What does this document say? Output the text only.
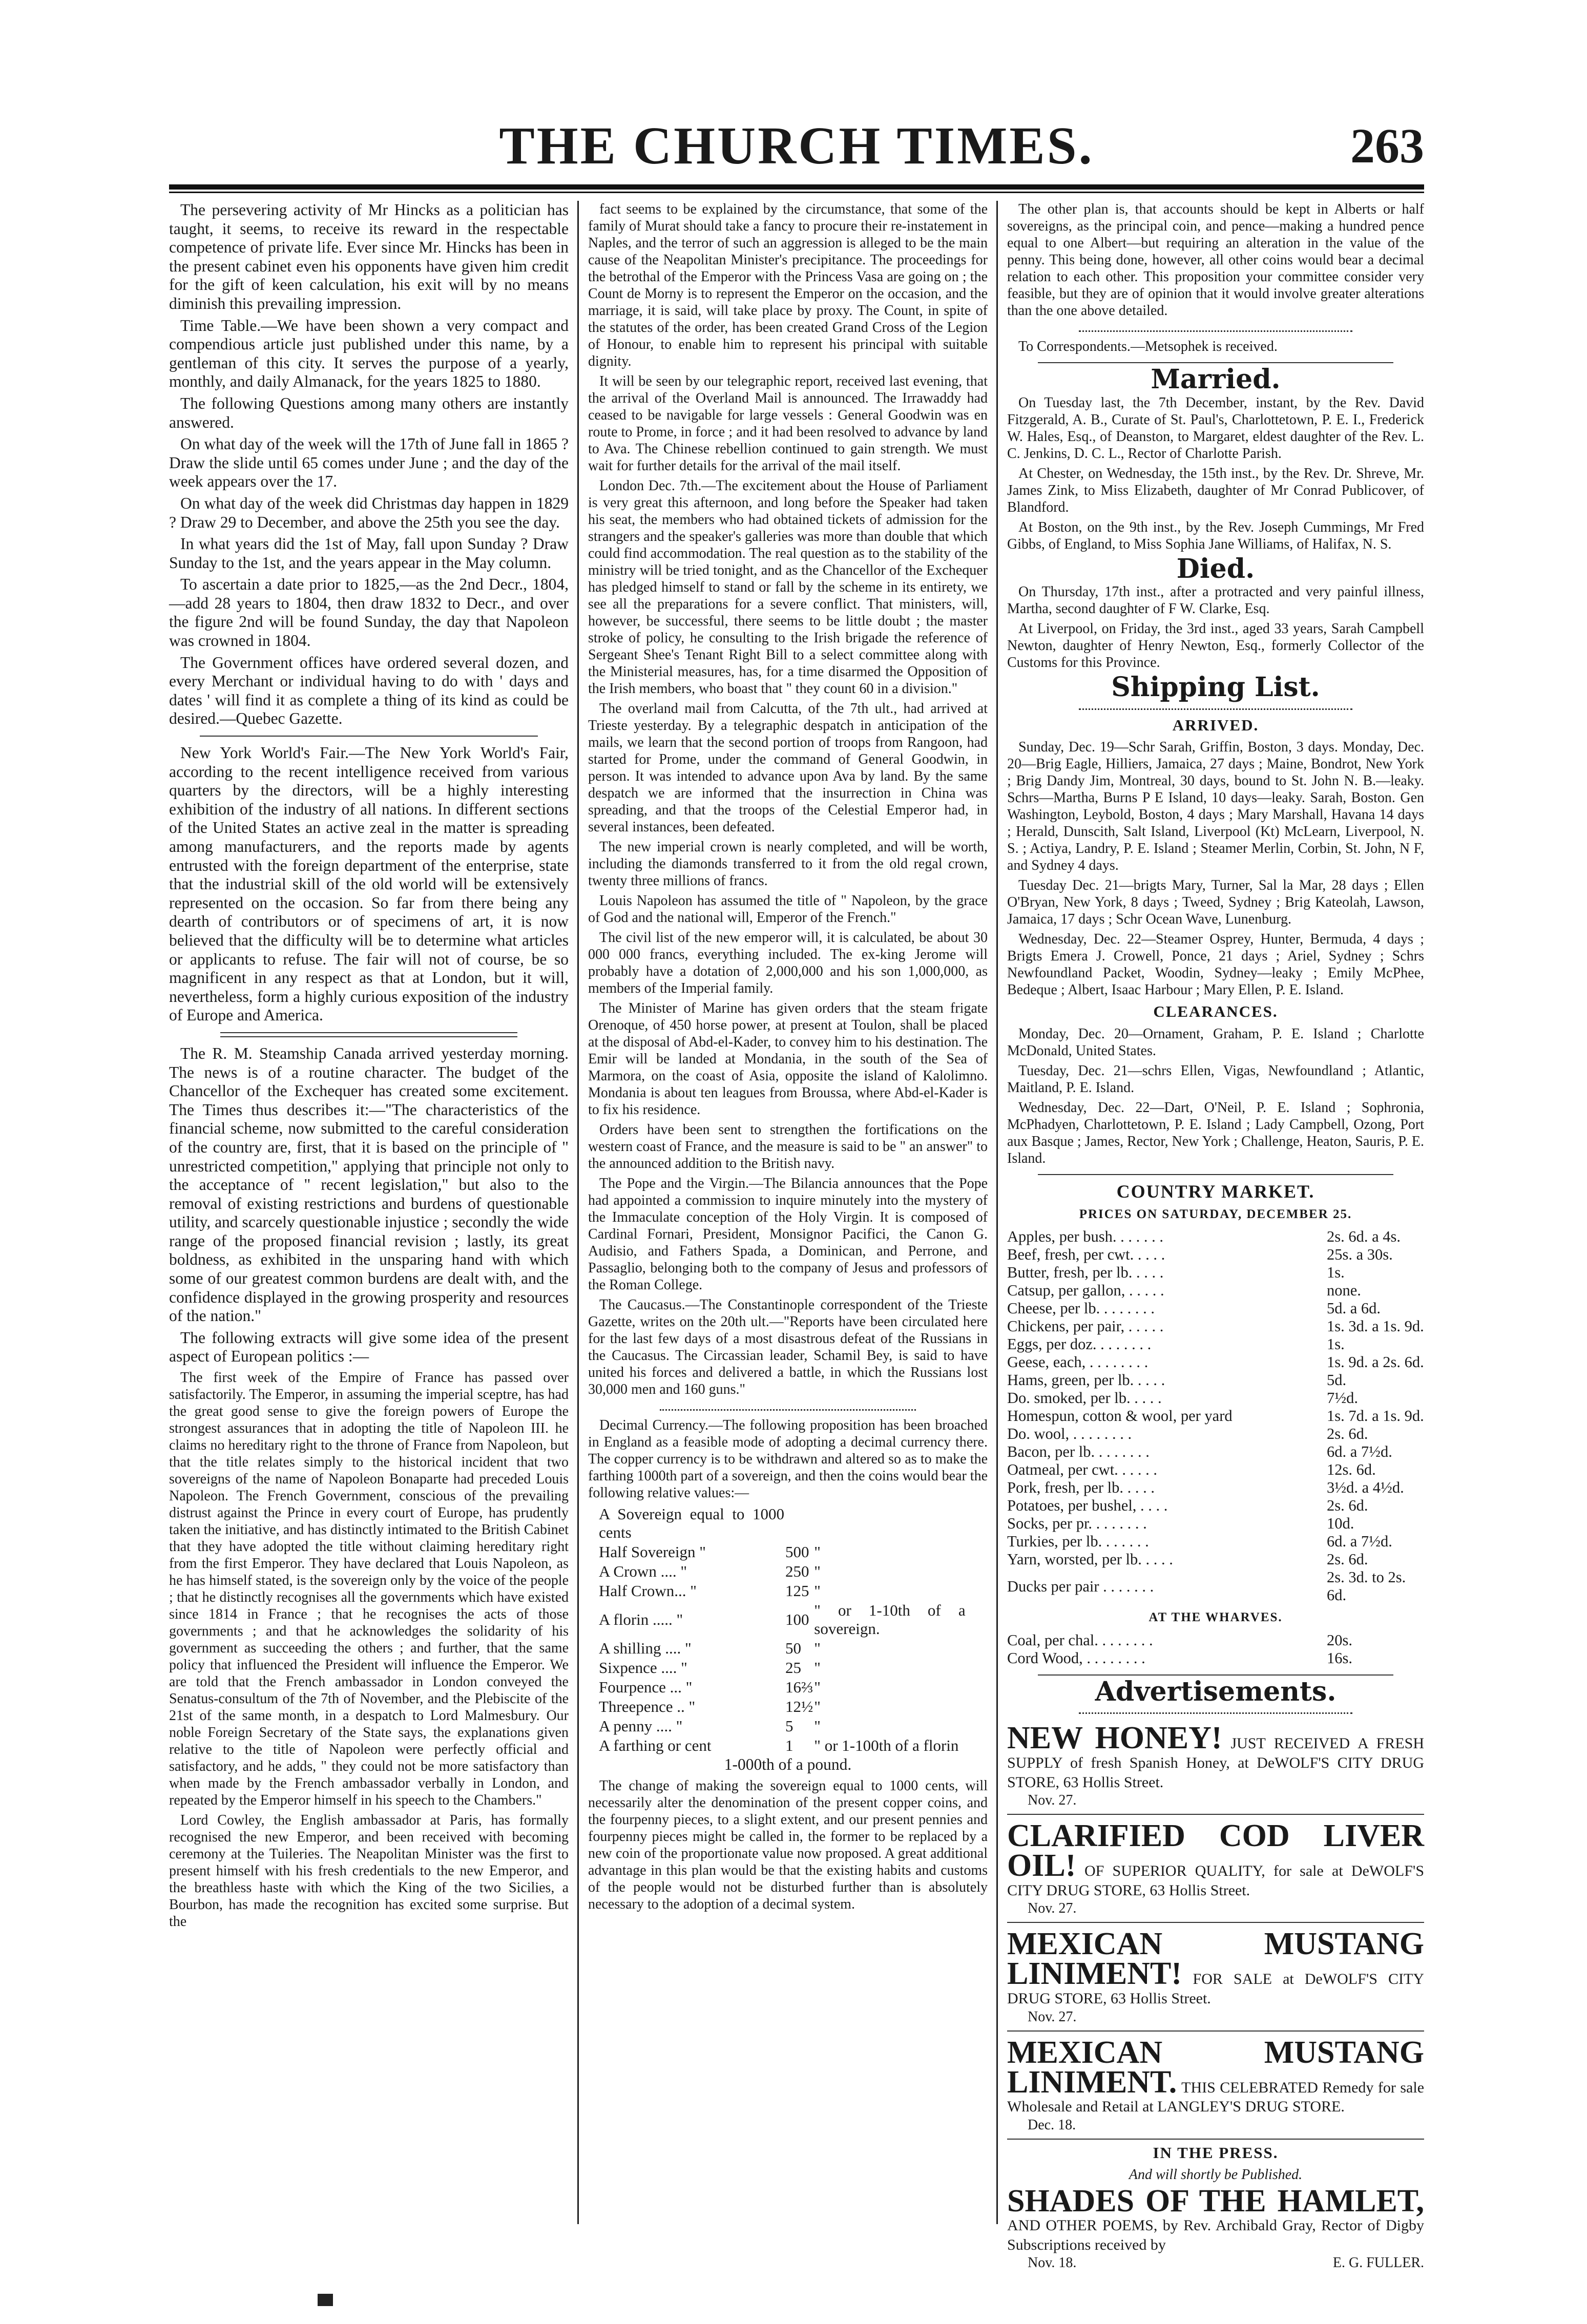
THE CHURCH TIMES.	263

The persevering activity of Mr Hincks as a politician has taught, it seems, to receive its reward in the respectable competence of private life. Ever since Mr. Hincks has been in the present cabinet even his opponents have given him credit for the gift of keen calculation, his exit will by no means diminish this prevailing impression.

Time Table.—We have been shown a very compact and compendious article just published under this name, by a gentleman of this city. It serves the purpose of a yearly, monthly, and daily Almanack, for the years 1825 to 1880.

The following Questions among many others are instantly answered.

On what day of the week will the 17th of June fall in 1865 ? Draw the slide until 65 comes under June ; and the day of the week appears over the 17.

On what day of the week did Christmas day happen in 1829 ? Draw 29 to December, and above the 25th you see the day.

In what years did the 1st of May, fall upon Sunday ? Draw Sunday to the 1st, and the years appear in the May column.

To ascertain a date prior to 1825,—as the 2nd Decr., 1804,—add 28 years to 1804, then draw 1832 to Decr., and over the figure 2nd will be found Sunday, the day that Napoleon was crowned in 1804.

The Government offices have ordered several dozen, and every Merchant or individual having to do with ' days and dates ' will find it as complete a thing of its kind as could be desired.—Quebec Gazette.

New York World's Fair.—The New York World's Fair, according to the recent intelligence received from various quarters by the directors, will be a highly interesting exhibition of the industry of all nations. In different sections of the United States an active zeal in the matter is spreading among manufacturers, and the reports made by agents entrusted with the foreign department of the enterprise, state that the industrial skill of the old world will be extensively represented on the occasion. So far from there being any dearth of contributors or of specimens of art, it is now believed that the difficulty will be to determine what articles or applicants to refuse. The fair will not of course, be so magnificent in any respect as that at London, but it will, nevertheless, form a highly curious exposition of the industry of Europe and America.

The R. M. Steamship Canada arrived yesterday morning. The news is of a routine character. The budget of the Chancellor of the Exchequer has created some excitement. The Times thus describes it:—"The characteristics of the financial scheme, now submitted to the careful consideration of the country are, first, that it is based on the principle of " unrestricted competition," applying that principle not only to the acceptance of " recent legislation," but also to the removal of existing restrictions and burdens of questionable utility, and scarcely questionable injustice ; secondly the wide range of the proposed financial revision ; lastly, its great boldness, as exhibited in the unsparing hand with which some of our greatest common burdens are dealt with, and the confidence displayed in the growing prosperity and resources of the nation."

The following extracts will give some idea of the present aspect of European politics :—

The first week of the Empire of France has passed over satisfactorily. The Emperor, in assuming the imperial sceptre, has had the great good sense to give the foreign powers of Europe the strongest assurances that in adopting the title of Napoleon III. he claims no hereditary right to the throne of France from Napoleon, but that the title relates simply to the historical incident that two sovereigns of the name of Napoleon Bonaparte had preceded Louis Napoleon. The French Government, conscious of the prevailing distrust against the Prince in every court of Europe, has prudently taken the initiative, and has distinctly intimated to the British Cabinet that they have adopted the title without claiming hereditary right from the first Emperor. They have declared that Louis Napoleon, as he has himself stated, is the sovereign only by the voice of the people ; that he distinctly recognises all the governments which have existed since 1814 in France ; that he recognises the acts of those governments ; and that he acknowledges the solidarity of his government as succeeding the others ; and further, that the same policy that influenced the President will influence the Emperor. We are told that the French ambassador in London conveyed the Senatus-consultum of the 7th of November, and the Plebiscite of the 21st of the same month, in a despatch to Lord Malmesbury. Our noble Foreign Secretary of the State says, the explanations given relative to the title of Napoleon were perfectly official and satisfactory, and he adds, " they could not be more satisfactory than when made by the French ambassador verbally in London, and repeated by the Emperor himself in his speech to the Chambers."

Lord Cowley, the English ambassador at Paris, has formally recognised the new Emperor, and been received with becoming ceremony at the Tuileries. The Neapolitan Minister was the first to present himself with his fresh credentials to the new Emperor, and the breathless haste with which the King of the two Sicilies, a Bourbon, has made the recognition has excited some surprise. But the

fact seems to be explained by the circumstance, that some of the family of Murat should take a fancy to procure their re-instatement in Naples, and the terror of such an aggression is alleged to be the main cause of the Neapolitan Minister's precipitance. The proceedings for the betrothal of the Emperor with the Princess Vasa are going on ; the Count de Morny is to represent the Emperor on the occasion, and the marriage, it is said, will take place by proxy. The Count, in spite of the statutes of the order, has been created Grand Cross of the Legion of Honour, to enable him to represent his principal with suitable dignity.

It will be seen by our telegraphic report, received last evening, that the arrival of the Overland Mail is announced. The Irrawaddy had ceased to be navigable for large vessels : General Goodwin was en route to Prome, in force ; and it had been resolved to advance by land to Ava. The Chinese rebellion continued to gain strength. We must wait for further details for the arrival of the mail itself.

London Dec. 7th.—The excitement about the House of Parliament is very great this afternoon, and long before the Speaker had taken his seat, the members who had obtained tickets of admission for the strangers and the speaker's galleries was more than double that which could find accommodation. The real question as to the stability of the ministry will be tried tonight, and as the Chancellor of the Exchequer has pledged himself to stand or fall by the scheme in its entirety, we see all the preparations for a severe conflict. That ministers, will, however, be successful, there seems to be little doubt ; the master stroke of policy, he consulting to the Irish brigade the reference of Sergeant Shee's Tenant Right Bill to a select committee along with the Ministerial measures, has, for a time disarmed the Opposition of the Irish members, who boast that " they count 60 in a division."

The overland mail from Calcutta, of the 7th ult., had arrived at Trieste yesterday. By a telegraphic despatch in anticipation of the mails, we learn that the second portion of troops from Rangoon, had started for Prome, under the command of General Goodwin, in person. It was intended to advance upon Ava by land. By the same despatch we are informed that the insurrection in China was spreading, and that the troops of the Celestial Emperor had, in several instances, been defeated.

The new imperial crown is nearly completed, and will be worth, including the diamonds transferred to it from the old regal crown, twenty three millions of francs.

Louis Napoleon has assumed the title of " Napoleon, by the grace of God and the national will, Emperor of the French."

The civil list of the new emperor will, it is calculated, be about 30 000 000 francs, everything included. The ex-king Jerome will probably have a dotation of 2,000,000 and his son 1,000,000, as members of the Imperial family.

The Minister of Marine has given orders that the steam frigate Orenoque, of 450 horse power, at present at Toulon, shall be placed at the disposal of Abd-el-Kader, to convey him to his destination. The Emir will be landed at Mondania, in the south of the Sea of Marmora, on the coast of Asia, opposite the island of Kalolimno. Mondania is about ten leagues from Broussa, where Abd-el-Kader is to fix his residence.

Orders have been sent to strengthen the fortifications on the western coast of France, and the measure is said to be " an answer" to the announced addition to the British navy.

The Pope and the Virgin.—The Bilancia announces that the Pope had appointed a commission to inquire minutely into the mystery of the Immaculate conception of the Holy Virgin. It is composed of Cardinal Fornari, President, Monsignor Pacifici, the Canon G. Audisio, and Fathers Spada, a Dominican, and Perrone, and Passaglio, belonging both to the company of Jesus and professors of the Roman College.

The Caucasus.—The Constantinople correspondent of the Trieste Gazette, writes on the 20th ult.—"Reports have been circulated here for the last few days of a most disastrous defeat of the Russians in the Caucasus. The Circassian leader, Schamil Bey, is said to have united his forces and delivered a battle, in which the Russians lost 30,000 men and 160 guns."

Decimal Currency.—The following proposition has been broached in England as a feasible mode of adopting a decimal currency there. The copper currency is to be withdrawn and altered so as to make the farthing 1000th part of a sovereign, and then the coins would bear the following relative values:—

A Sovereign equal to 1000 cents		
Half Sovereign "	500	"
A Crown .... "	250	"
Half Crown... "	125	"
A florin ..... "	100	" or 1-10th of a sovereign.
A shilling .... "	50	"
Sixpence .... "	25	"
Fourpence ... "	16⅔	"
Threepence .. "	12½	"
A penny .... "	5	"
A farthing or cent	1	" or 1-100th of a florin

1-000th of a pound.

The change of making the sovereign equal to 1000 cents, will necessarily alter the denomination of the present copper coins, and the fourpenny pieces, to a slight extent, and our present pennies and fourpenny pieces might be called in, the former to be replaced by a new coin of the proportionate value now proposed. A great additional advantage in this plan would be that the existing habits and customs of the people would not be disturbed further than is absolutely necessary to the adoption of a decimal system.

The other plan is, that accounts should be kept in Alberts or half sovereigns, as the principal coin, and pence—making a hundred pence equal to one Albert—but requiring an alteration in the value of the penny. This being done, however, all other coins would bear a decimal relation to each other. This proposition your committee consider very feasible, but they are of opinion that it would involve greater alterations than the one above detailed.

To Correspondents.—Metsophek is received.

Married.

On Tuesday last, the 7th December, instant, by the Rev. David Fitzgerald, A. B., Curate of St. Paul's, Charlottetown, P. E. I., Frederick W. Hales, Esq., of Deanston, to Margaret, eldest daughter of the Rev. L. C. Jenkins, D. C. L., Rector of Charlotte Parish.

At Chester, on Wednesday, the 15th inst., by the Rev. Dr. Shreve, Mr. James Zink, to Miss Elizabeth, daughter of Mr Conrad Publicover, of Blandford.

At Boston, on the 9th inst., by the Rev. Joseph Cummings, Mr Fred Gibbs, of England, to Miss Sophia Jane Williams, of Halifax, N. S.

Died.

On Thursday, 17th inst., after a protracted and very painful illness, Martha, second daughter of F W. Clarke, Esq.

At Liverpool, on Friday, the 3rd inst., aged 33 years, Sarah Campbell Newton, daughter of Henry Newton, Esq., formerly Collector of the Customs for this Province.

Shipping List.
ARRIVED.

Sunday, Dec. 19—Schr Sarah, Griffin, Boston, 3 days. Monday, Dec. 20—Brig Eagle, Hilliers, Jamaica, 27 days ; Maine, Bondrot, New York ; Brig Dandy Jim, Montreal, 30 days, bound to St. John N. B.—leaky. Schrs—Martha, Burns P E Island, 10 days—leaky. Sarah, Boston. Gen Washington, Leybold, Boston, 4 days ; Mary Marshall, Havana 14 days ; Herald, Dunscith, Salt Island, Liverpool (Kt) McLearn, Liverpool, N. S. ; Actiya, Landry, P. E. Island ; Steamer Merlin, Corbin, St. John, N F, and Sydney 4 days.

Tuesday Dec. 21—brigts Mary, Turner, Sal la Mar, 28 days ; Ellen O'Bryan, New York, 8 days ; Tweed, Sydney ; Brig Kateolah, Lawson, Jamaica, 17 days ; Schr Ocean Wave, Lunenburg.

Wednesday, Dec. 22—Steamer Osprey, Hunter, Bermuda, 4 days ; Brigts Emera J. Crowell, Ponce, 21 days ; Ariel, Sydney ; Schrs Newfoundland Packet, Woodin, Sydney—leaky ; Emily McPhee, Bedeque ; Albert, Isaac Harbour ; Mary Ellen, P. E. Island.

CLEARANCES.

Monday, Dec. 20—Ornament, Graham, P. E. Island ; Charlotte McDonald, United States.

Tuesday, Dec. 21—schrs Ellen, Vigas, Newfoundland ; Atlantic, Maitland, P. E. Island.

Wednesday, Dec. 22—Dart, O'Neil, P. E. Island ; Sophronia, McPhadyen, Charlottetown, P. E. Island ; Lady Campbell, Ozong, Port aux Basque ; James, Rector, New York ; Challenge, Heaton, Sauris, P. E. Island.

COUNTRY MARKET.
PRICES ON SATURDAY, DECEMBER 25.
Apples, per bush. . . . . . .	2s. 6d. a 4s.
Beef, fresh, per cwt. . . . .	25s. a 30s.
Butter, fresh, per lb. . . . .	1s.
Catsup, per gallon, . . . . .	none.
Cheese, per lb. . . . . . . .	5d. a 6d.
Chickens, per pair, . . . . .	1s. 3d. a 1s. 9d.
Eggs, per doz. . . . . . . .	1s.
Geese, each, . . . . . . . .	1s. 9d. a 2s. 6d.
Hams, green, per lb. . . . .	5d.
Do. smoked, per lb. . . . .	7½d.
Homespun, cotton & wool, per yard	1s. 7d. a 1s. 9d.
Do. wool, . . . . . . . .	2s. 6d.
Bacon, per lb. . . . . . . .	6d. a 7½d.
Oatmeal, per cwt. . . . . .	12s. 6d.
Pork, fresh, per lb. . . . .	3½d. a 4½d.
Potatoes, per bushel, . . . .	2s. 6d.
Socks, per pr. . . . . . . .	10d.
Turkies, per lb. . . . . . .	6d. a 7½d.
Yarn, worsted, per lb. . . . .	2s. 6d.
Ducks per pair . . . . . . .	2s. 3d. to 2s. 6d.
AT THE WHARVES.
Coal, per chal. . . . . . . .	20s.
Cord Wood, . . . . . . . .	16s.
Advertisements.
NEW HONEY! JUST RECEIVED A FRESH SUPPLY of fresh Spanish Honey, at DeWOLF'S CITY DRUG STORE, 63 Hollis Street.
Nov. 27.
CLARIFIED COD LIVER OIL! OF SUPERIOR QUALITY, for sale at DeWOLF'S CITY DRUG STORE, 63 Hollis Street.
Nov. 27.
MEXICAN MUSTANG LINIMENT! FOR SALE at DeWOLF'S CITY DRUG STORE, 63 Hollis Street.
Nov. 27.
MEXICAN MUSTANG LINIMENT. THIS CELEBRATED Remedy for sale Wholesale and Retail at LANGLEY'S DRUG STORE.
Dec. 18.
IN THE PRESS.
And will shortly be Published.
SHADES OF THE HAMLET, AND OTHER POEMS, by Rev. Archibald Gray, Rector of Digby Subscriptions received by
Nov. 18.	E. G. FULLER.
